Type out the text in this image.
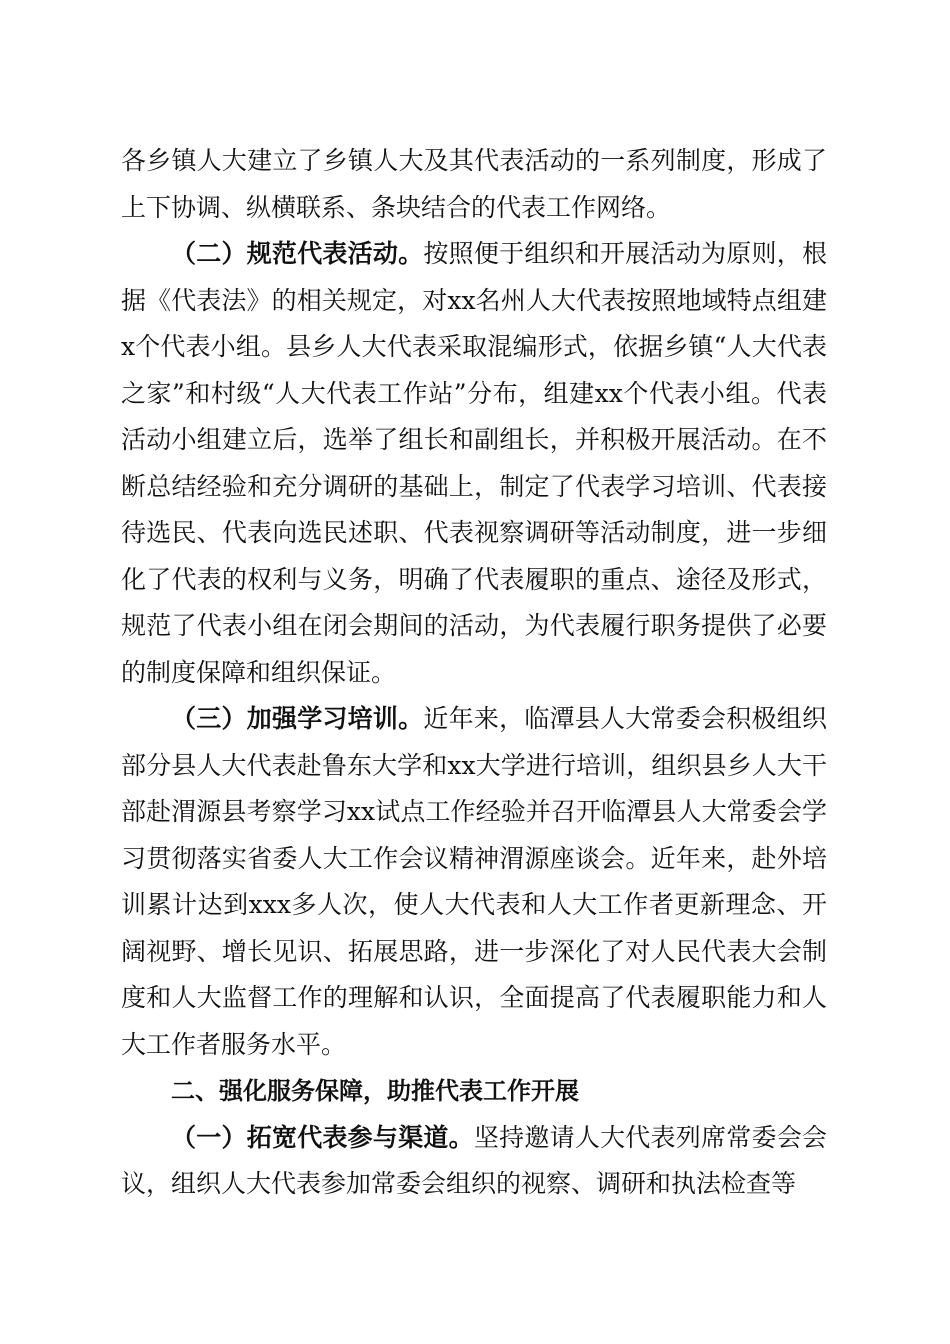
各乡镇人大建立了乡镇人大及其代表活动的一系列制度，形成了上下协调、纵横联系、条块结合的代表工作网络。

（二）规范代表活动。按照便于组织和开展活动为原则，根据《代表法》的相关规定，对xx名州人大代表按照地域特点组建x个代表小组。县乡人大代表采取混编形式，依据乡镇“人大代表之家”和村级“人大代表工作站”分布，组建xx个代表小组。代表活动小组建立后，选举了组长和副组长，并积极开展活动。在不断总结经验和充分调研的基础上，制定了代表学习培训、代表接待选民、代表向选民述职、代表视察调研等活动制度，进一步细化了代表的权利与义务，明确了代表履职的重点、途径及形式，规范了代表小组在闭会期间的活动，为代表履行职务提供了必要的制度保障和组织保证。

（三）加强学习培训。近年来，临潭县人大常委会积极组织部分县人大代表赴鲁东大学和xx大学进行培训，组织县乡人大干部赴渭源县考察学习xx试点工作经验并召开临潭县人大常委会学习贯彻落实省委人大工作会议精神渭源座谈会。近年来，赴外培训累计达到xxx多人次，使人大代表和人大工作者更新理念、开阔视野、增长见识、拓展思路，进一步深化了对人民代表大会制度和人大监督工作的理解和认识，全面提高了代表履职能力和人大工作者服务水平。

二、强化服务保障，助推代表工作开展

（一）拓宽代表参与渠道。坚持邀请人大代表列席常委会会议，组织人大代表参加常委会组织的视察、调研和执法检查等
